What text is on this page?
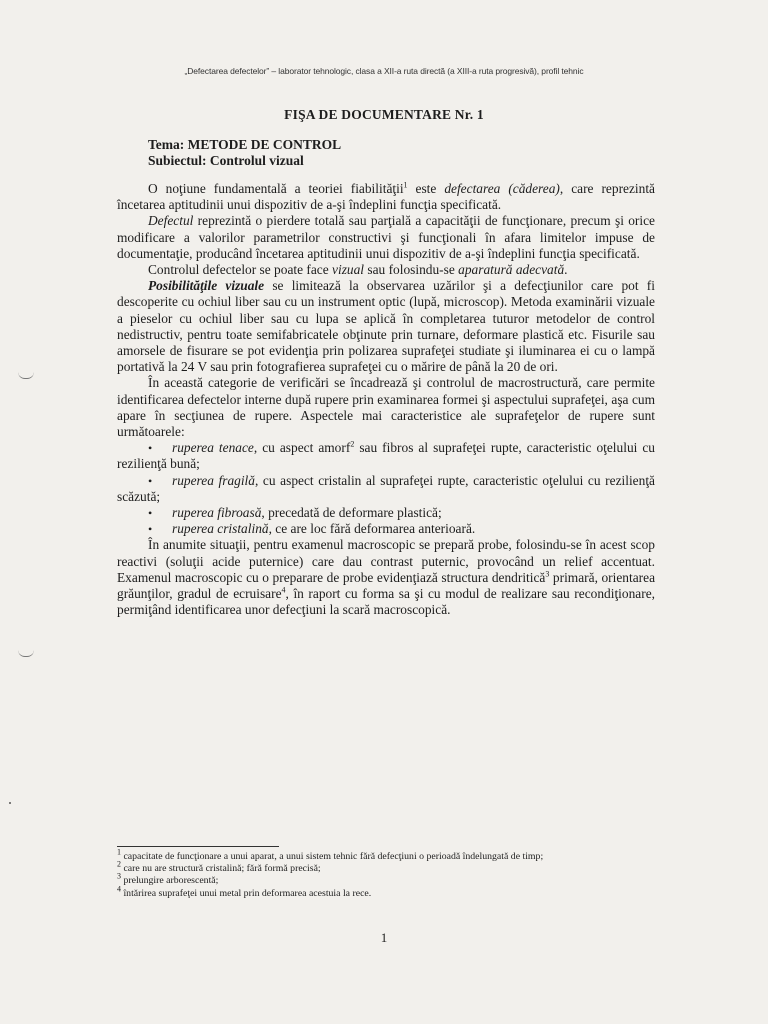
„Defectarea defectelor” – laborator tehnologic, clasa a XII-a ruta directă (a XIII-a ruta progresivă), profil tehnic
FIŞA DE DOCUMENTARE Nr. 1
Tema: METODE DE CONTROL
Subiectul: Controlul vizual

O noţiune fundamentală a teoriei fiabilităţii$^1$ este defectarea (căderea), care reprezintă încetarea aptitudinii unui dispozitiv de a-şi îndeplini funcţia specificată.

Defectul reprezintă o pierdere totală sau parţială a capacităţii de funcţionare, precum şi orice modificare a valorilor parametrilor constructivi şi funcţionali în afara limitelor impuse de documentaţie, producând încetarea aptitudinii unui dispozitiv de a-şi îndeplini funcţia specificată.

Controlul defectelor se poate face vizual sau folosindu-se aparatură adecvată.

Posibilităţile vizuale se limitează la observarea uzărilor şi a defecţiunilor care pot fi descoperite cu ochiul liber sau cu un instrument optic (lupă, microscop). Metoda examinării vizuale a pieselor cu ochiul liber sau cu lupa se aplică în completarea tuturor metodelor de control nedistructiv, pentru toate semifabricatele obţinute prin turnare, deformare plastică etc. Fisurile sau amorsele de fisurare se pot evidenţia prin polizarea suprafeţei studiate şi iluminarea ei cu o lampă portativă la 24 V sau prin fotografierea suprafeţei cu o mărire de până la 20 de ori.

În această categorie de verificări se încadrează şi controlul de macrostructură, care permite identificarea defectelor interne după rupere prin examinarea formei şi aspectului suprafeţei, aşa cum apare în secţiunea de rupere. Aspectele mai caracteristice ale suprafeţelor de rupere sunt următoarele:

• ruperea tenace, cu aspect amorf$^2$ sau fibros al suprafeţei rupte, caracteristic oţelului cu rezilienţă bună;
• ruperea fragilă, cu aspect cristalin al suprafeţei rupte, caracteristic oţelului cu rezilienţă scăzută;
• ruperea fibroasă, precedată de deformare plastică;
• ruperea cristalină, ce are loc fără deformarea anterioară.

În anumite situaţii, pentru examenul macroscopic se prepară probe, folosindu-se în acest scop reactivi (soluţii acide puternice) care dau contrast puternic, provocând un relief accentuat. Examenul macroscopic cu o preparare de probe evidenţiază structura dendritică$^3$ primară, orientarea grăunţilor, gradul de ecruisare$^4$, în raport cu forma sa şi cu modul de realizare sau recondiţionare, permiţând identificarea unor defecţiuni la scară macroscopică.

$^1$ capacitate de funcţionare a unui aparat, a unui sistem tehnic fără defecţiuni o perioadă îndelungată de timp;
$^2$ care nu are structură cristalină; fără formă precisă;
$^3$ prelungire arborescentă;
$^4$ întărirea suprafeţei unui metal prin deformarea acestuia la rece.
1
